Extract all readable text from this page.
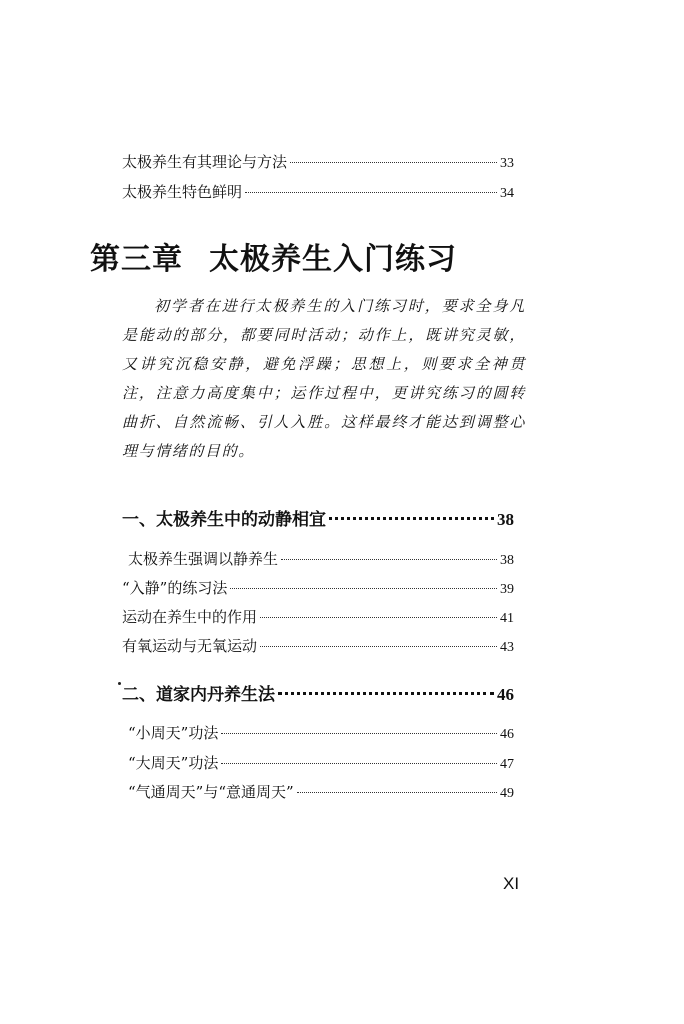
太极养生有其理论与方法	33
太极养生特色鲜明	34
第三章 太极养生入门练习

初学者在进行太极养生的入门练习时，要求全身凡是能动的部分，都要同时活动；动作上，既讲究灵敏，又讲究沉稳安静，避免浮躁；思想上，则要求全神贯注，注意力高度集中；运作过程中，更讲究练习的圆转曲折、自然流畅、引人入胜。这样最终才能达到调整心理与情绪的目的。

一、太极养生中的动静相宜	38
太极养生强调以静养生	38
“入静”的练习法	39
运动在养生中的作用	41
有氧运动与无氧运动	43
二、道家内丹养生法	46
“小周天”功法	46
“大周天”功法	47
“气通周天”与“意通周天”	49
XI
